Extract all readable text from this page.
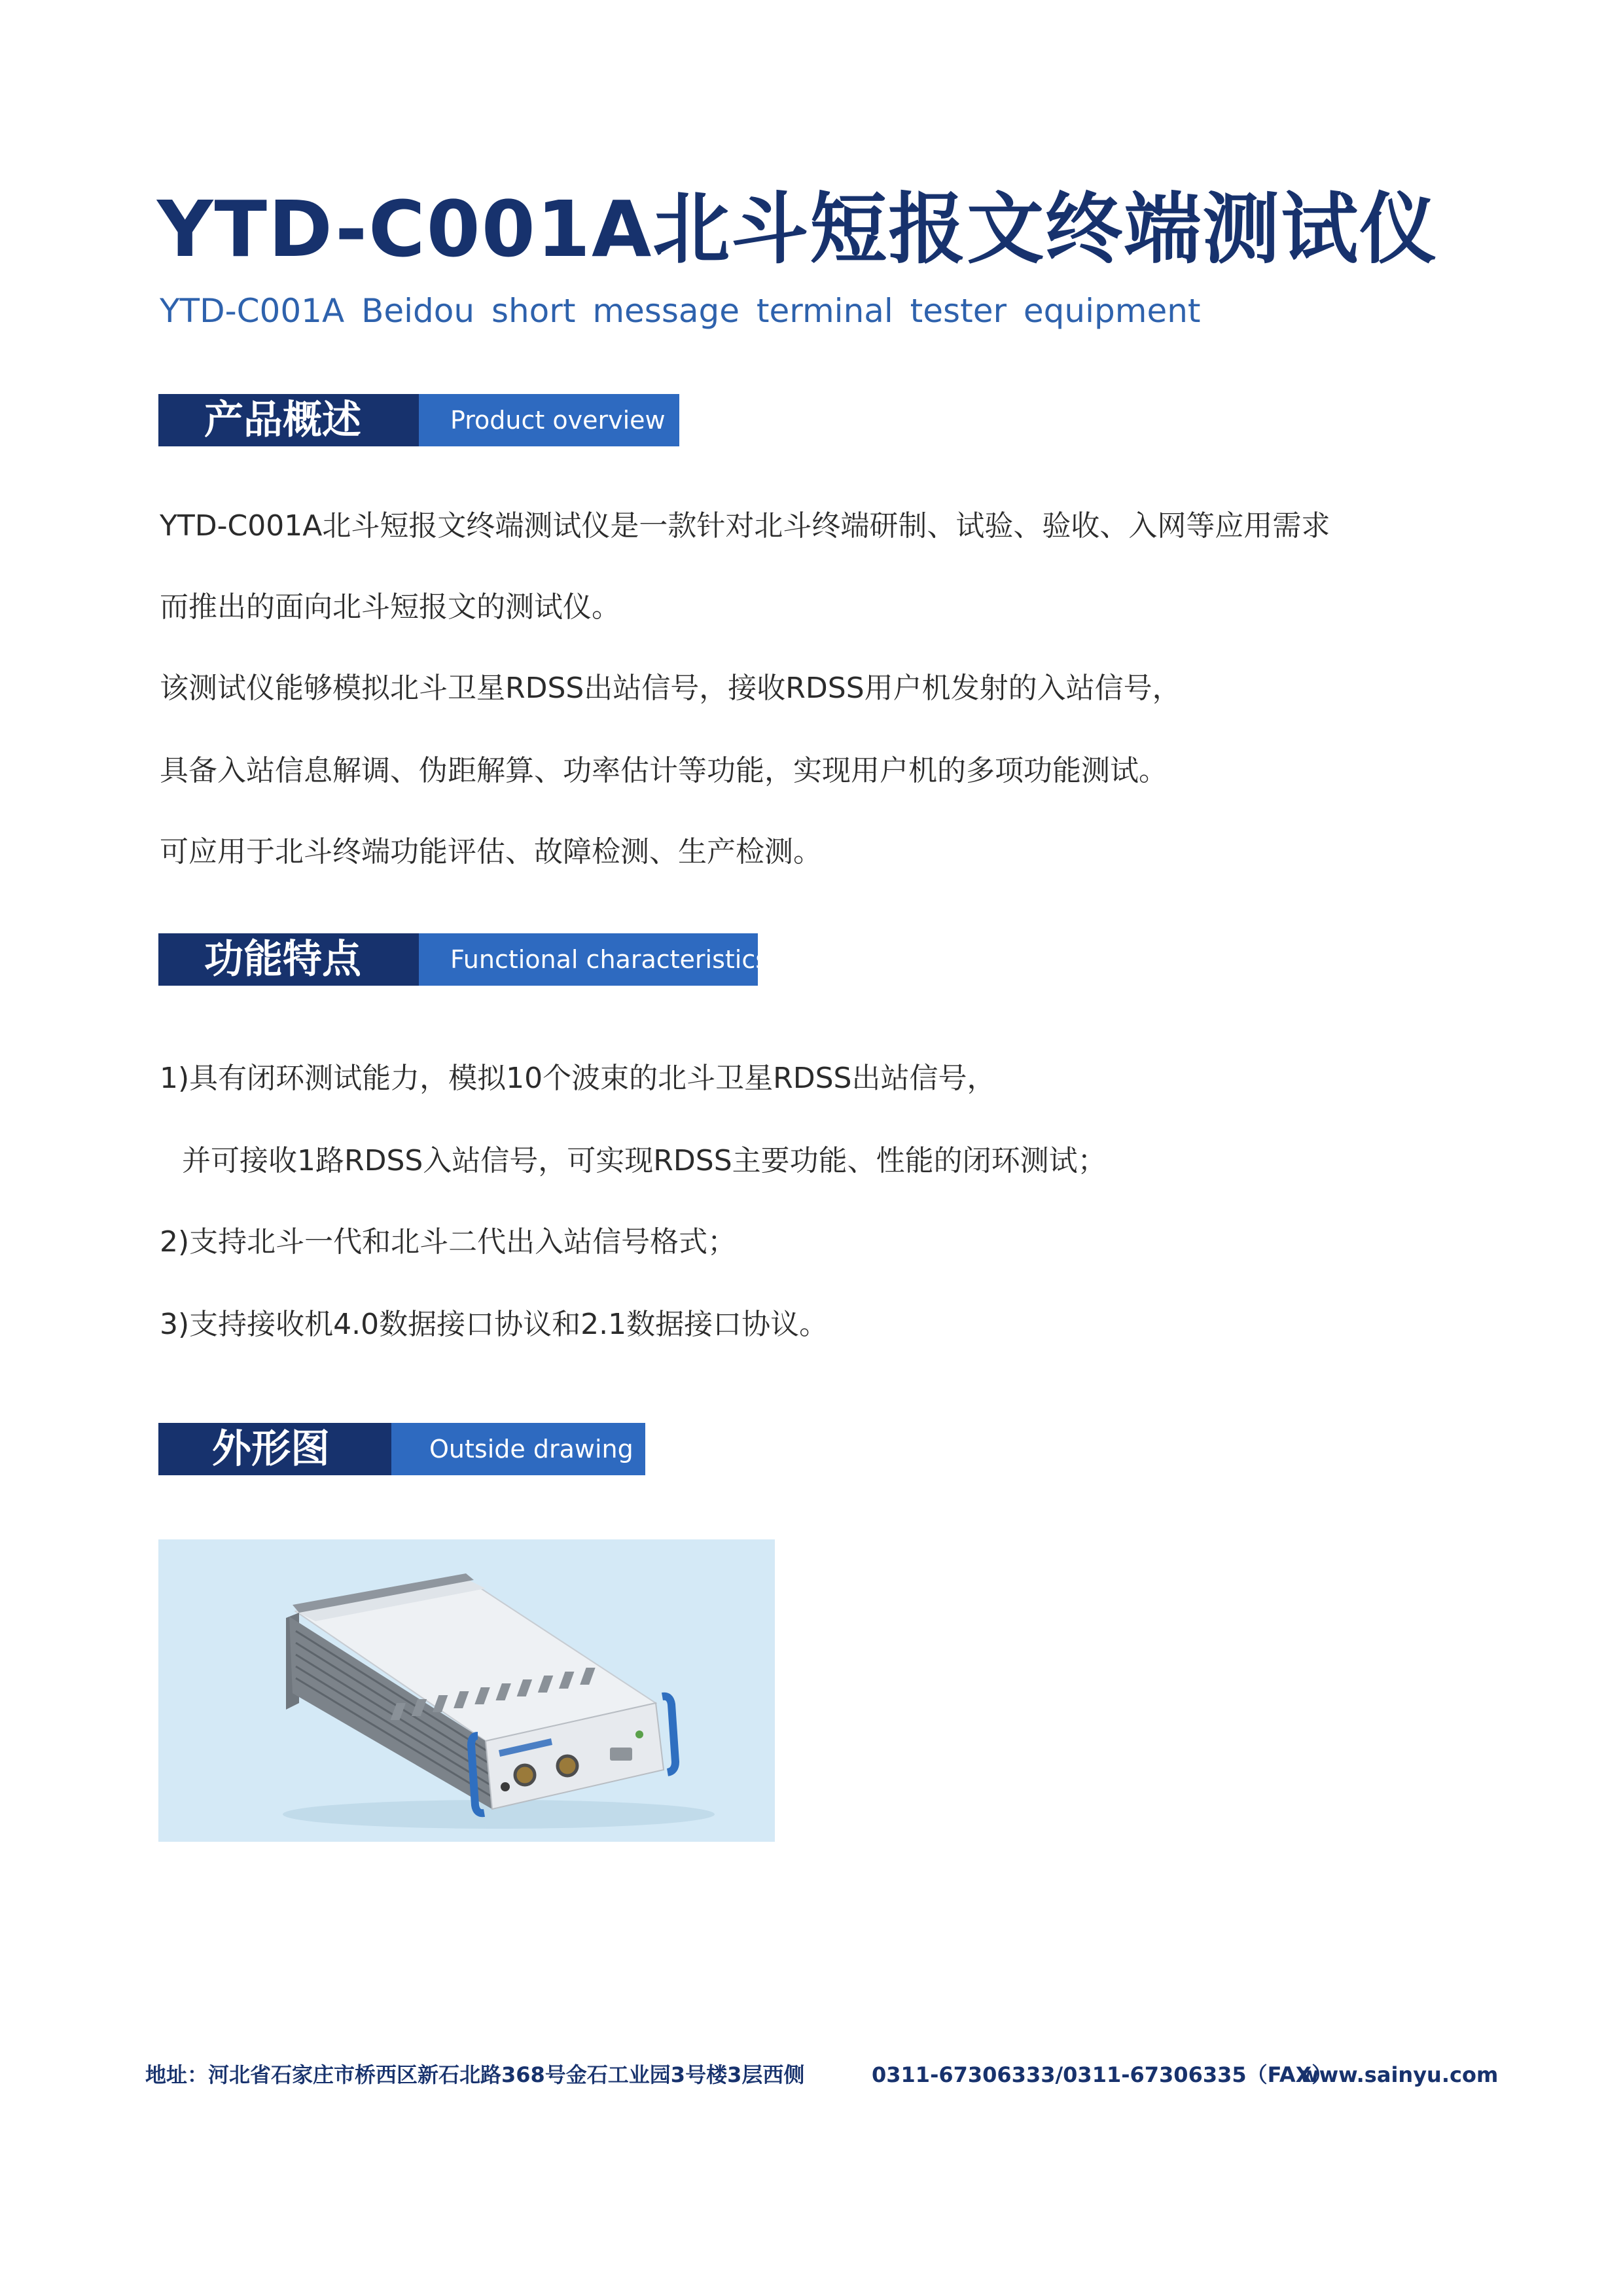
YTD-C001A北斗短报文终端测试仪
YTD-C001A Beidou short message terminal tester equipment
产品概述	Product overview
YTD-C001A北斗短报文终端测试仪是一款针对北斗终端研制、试验、验收、入网等应用需求
而推出的面向北斗短报文的测试仪。
该测试仪能够模拟北斗卫星RDSS出站信号，接收RDSS用户机发射的入站信号，
具备入站信息解调、伪距解算、功率估计等功能，实现用户机的多项功能测试。
可应用于北斗终端功能评估、故障检测、生产检测。
功能特点	Functional characteristics
1)具有闭环测试能力，模拟10个波束的北斗卫星RDSS出站信号，
并可接收1路RDSS入站信号，可实现RDSS主要功能、性能的闭环测试；
2)支持北斗一代和北斗二代出入站信号格式；
3)支持接收机4.0数据接口协议和2.1数据接口协议。
外形图	Outside drawing
地址：河北省石家庄市桥西区新石北路368号金石工业园3号楼3层西侧	0311-67306333/0311-67306335（FAX）
www.sainyu.com
